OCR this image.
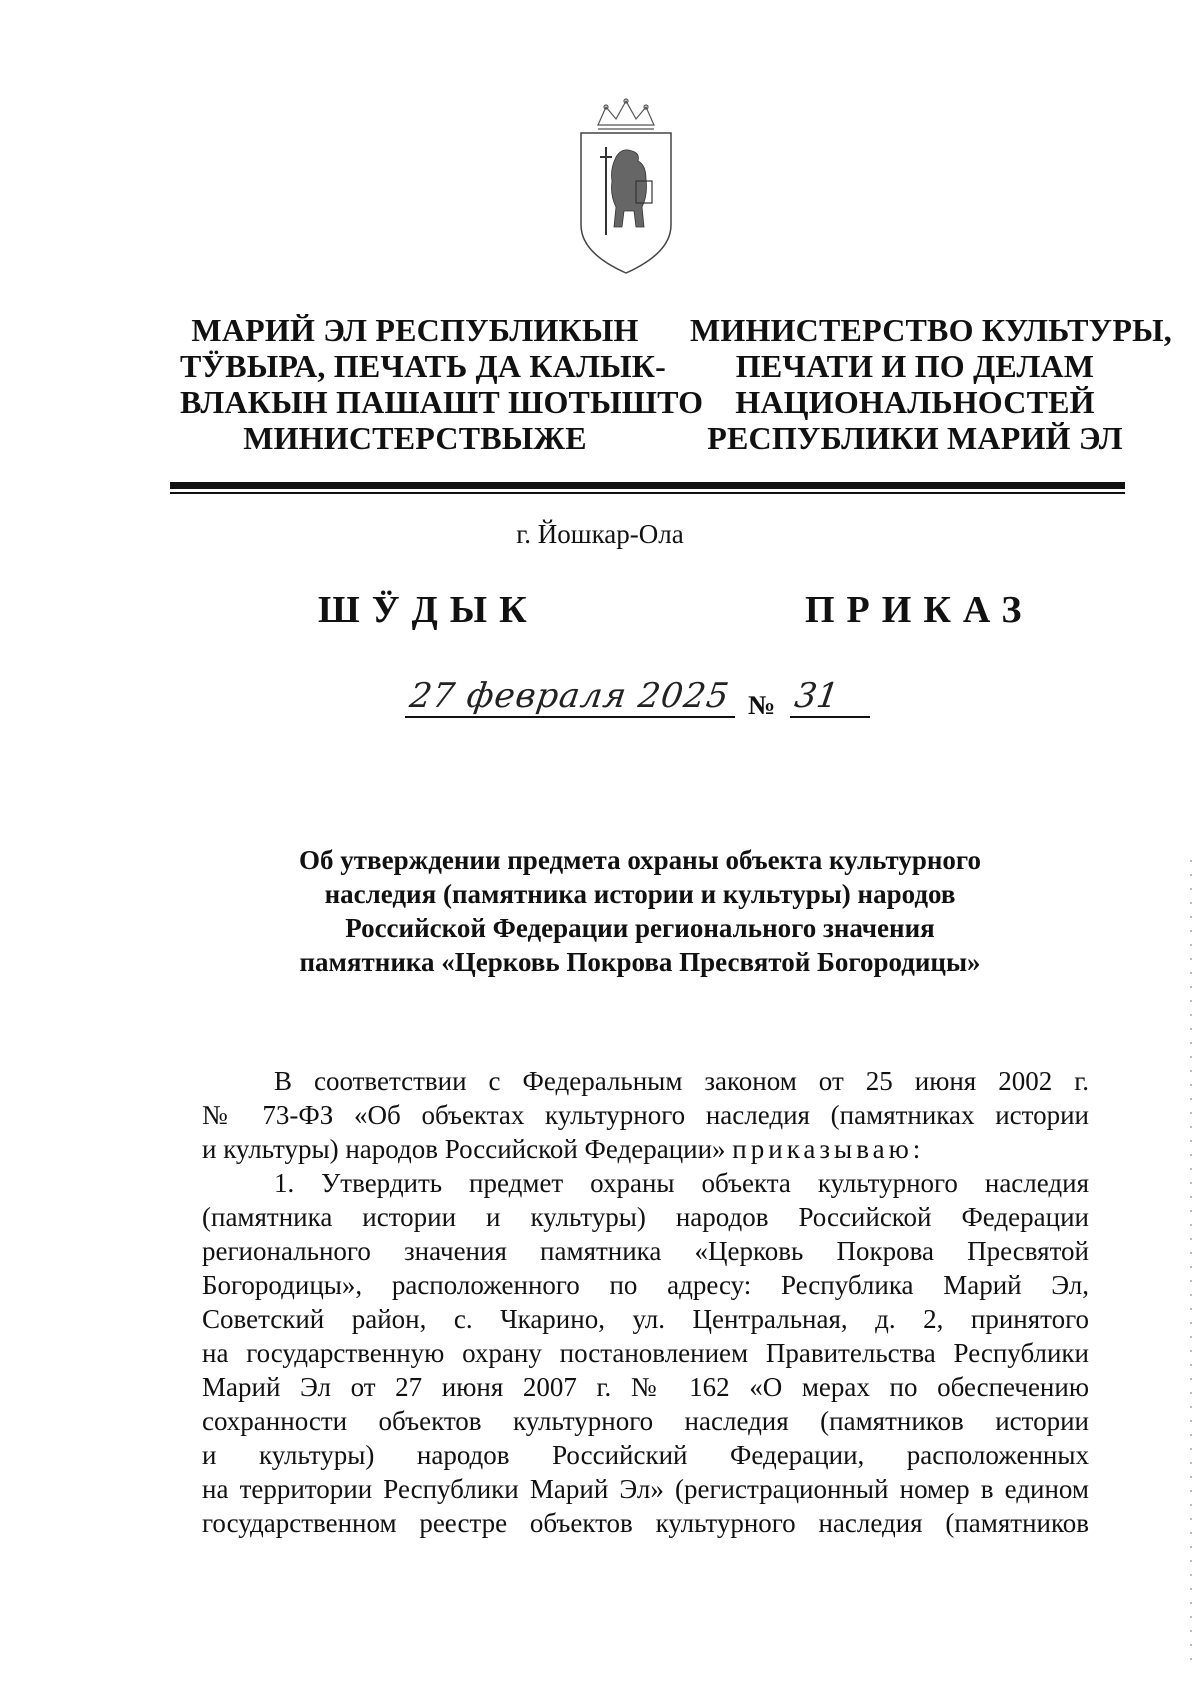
МАРИЙ ЭЛ РЕСПУБЛИКЫН
ТӰВЫРА, ПЕЧАТЬ ДА КАЛЫК-
ВЛАКЫН ПАШАШТ ШОТЫШТО
МИНИСТЕРСТВЫЖЕ
МИНИСТЕРСТВО КУЛЬТУРЫ,
ПЕЧАТИ И ПО ДЕЛАМ
НАЦИОНАЛЬНОСТЕЙ
РЕСПУБЛИКИ МАРИЙ ЭЛ
г. Йошкар-Ола
ШӰДЫК	ПРИКАЗ
27 февраля 2025 № 31
Об утверждении предмета охраны объекта культурного
наследия (памятника истории и культуры) народов
Российской Федерации регионального значения
памятника «Церковь Покрова Пресвятой Богородицы»
В соответствии с Федеральным законом от 25 июня 2002 г.
№ 73-ФЗ «Об объектах культурного наследия (памятниках истории
и культуры) народов Российской Федерации» приказываю:
1. Утвердить предмет охраны объекта культурного наследия
(памятника истории и культуры) народов Российской Федерации
регионального значения памятника «Церковь Покрова Пресвятой
Богородицы», расположенного по адресу: Республика Марий Эл,
Советский район, с. Чкарино, ул. Центральная, д. 2, принятого
на государственную охрану постановлением Правительства Республики
Марий Эл от 27 июня 2007 г. № 162 «О мерах по обеспечению
сохранности объектов культурного наследия (памятников истории
и культуры) народов Российский Федерации, расположенных
на территории Республики Марий Эл» (регистрационный номер в едином
государственном реестре объектов культурного наследия (памятников
